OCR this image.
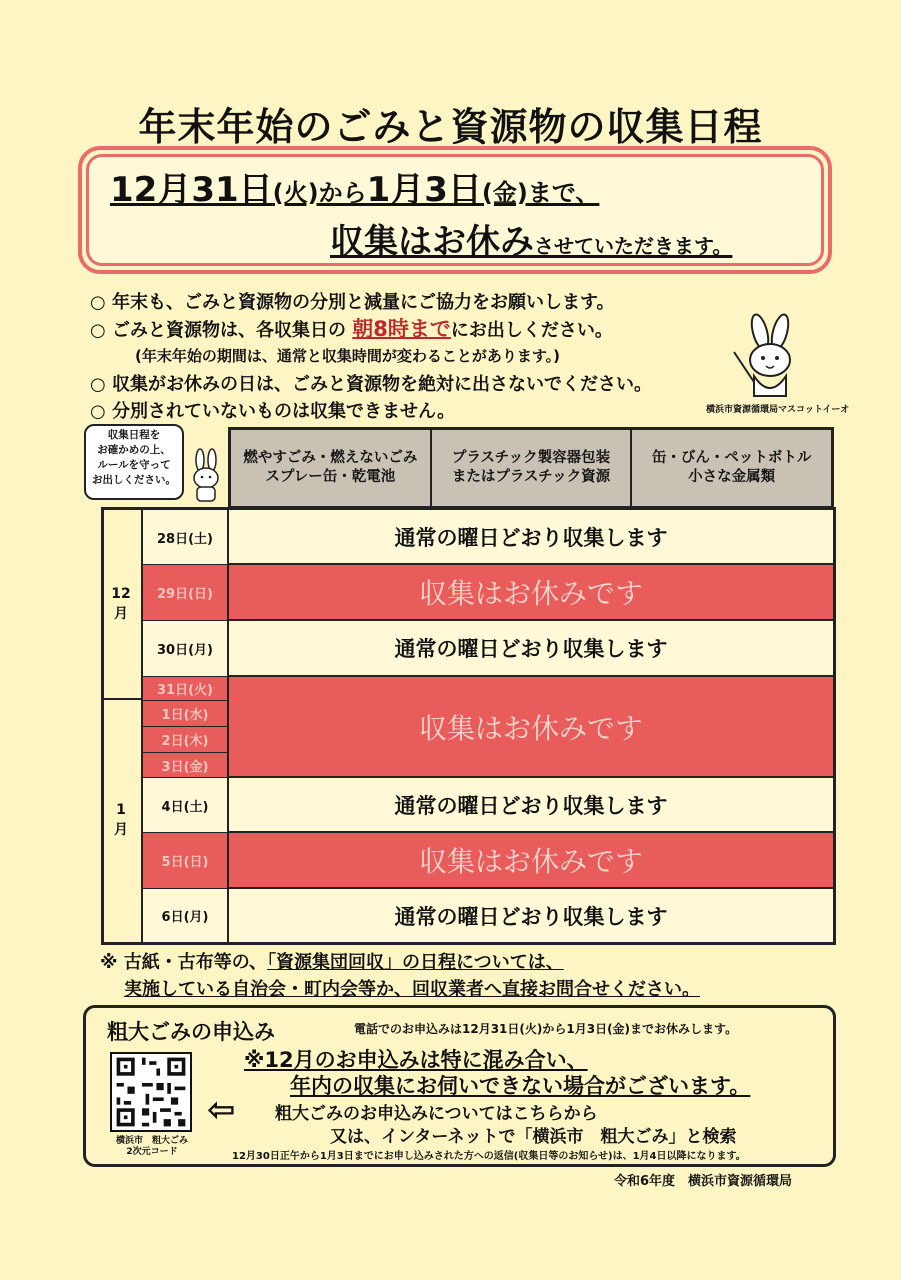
年末年始のごみと資源物の収集日程
12月31日(火)から1月3日(金)まで、
収集はお休みさせていただきます。
○ 年末も、ごみと資源物の分別と減量にご協力をお願いします。
○ ごみと資源物は、各収集日の 朝8時までにお出しください。
(年末年始の期間は、通常と収集時間が変わることがあります。)
○ 収集がお休みの日は、ごみと資源物を絶対に出さないでください。
○ 分別されていないものは収集できません。	横浜市資源循環局マスコットイーオ
収集日程を
お確かめの上、
ルールを守って
お出しください。
燃やすごみ・燃えないごみ
スプレー缶・乾電池
プラスチック製容器包装
またはプラスチック資源
缶・びん・ペットボトル
小さな金属類
12
月
1
月
28日(土)
29日(日)
30日(月)
31日(火)
1日(水)
2日(木)
3日(金)
4日(土)
5日(日)
6日(月)
通常の曜日どおり収集します
収集はお休みです
通常の曜日どおり収集します
収集はお休みです
通常の曜日どおり収集します
収集はお休みです
通常の曜日どおり収集します
※ 古紙・古布等の、「資源集団回収」の日程については、
実施している自治会・町内会等か、回収業者へ直接お問合せください。
粗大ごみの申込み	電話でのお申込みは12月31日(火)から1月3日(金)までお休みします。
※12月のお申込みは特に混み合い、
年内の収集にお伺いできない場合がございます。
横浜市　粗大ごみ
2次元コード
⇦ 粗大ごみのお申込みについてはこちらから
又は、インターネットで「横浜市　粗大ごみ」と検索
12月30日正午から1月3日までにお申し込みされた方への返信(収集日等のお知らせ)は、1月4日以降になります。
令和6年度　横浜市資源循環局
